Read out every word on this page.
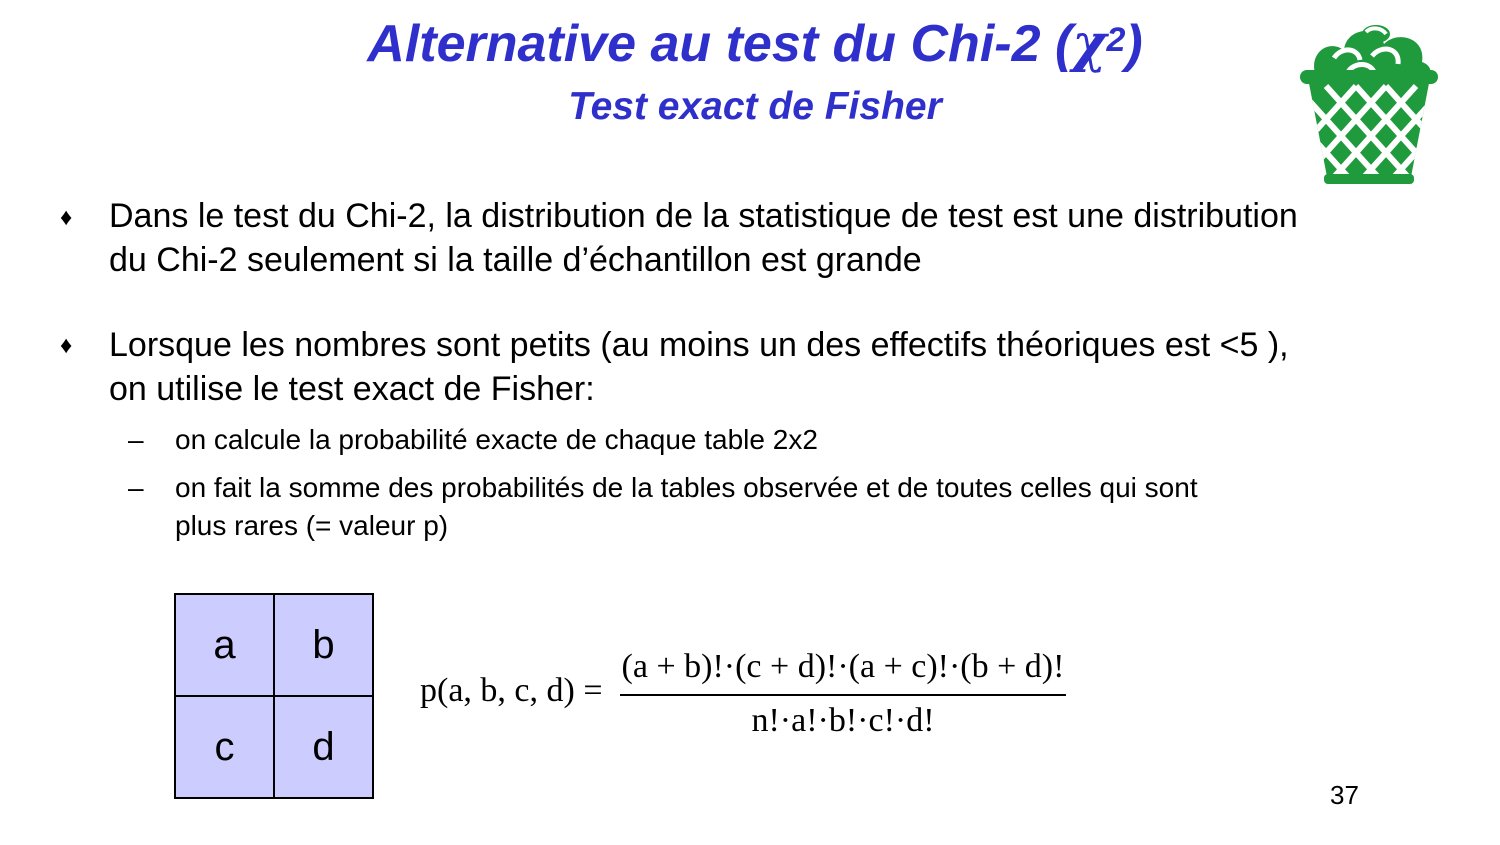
Alternative au test du Chi-2 $(\chi^2)$
Test exact de Fisher
♦ Dans le test du Chi-2, la distribution de la statistique de test est une distribution
du Chi-2 seulement si la taille d’échantillon est grande
♦ Lorsque les nombres sont petits (au moins un des effectifs théoriques est <5 ),
on utilise le test exact de Fisher:
– on calcule la probabilité exacte de chaque table 2x2
– on fait la somme des probabilités de la tables observée et de toutes celles qui sont
plus rares (= valeur p)
a	b
c	d
p(a, b, c, d) =
(a + b)!·(c + d)!·(a + c)!·(b + d)!
n!·a!·b!·c!·d!
37
